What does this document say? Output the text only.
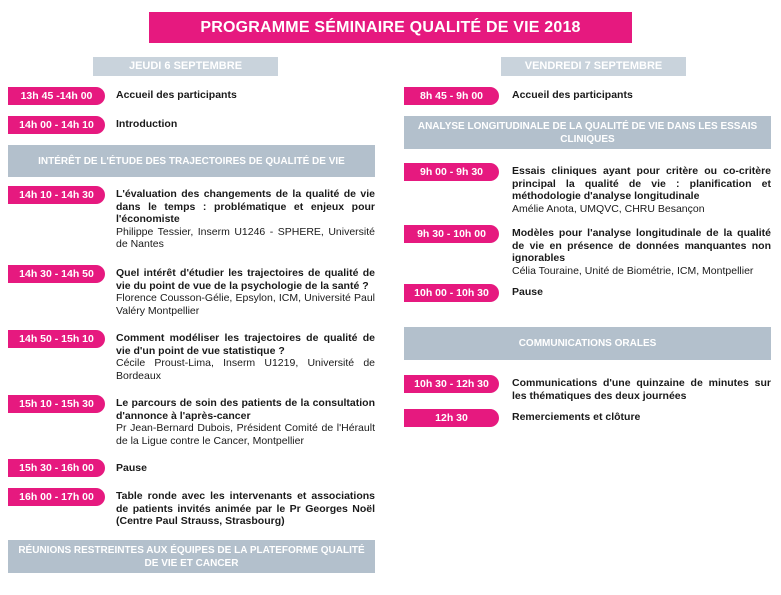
PROGRAMME SÉMINAIRE QUALITÉ DE VIE 2018
JEUDI 6 SEPTEMBRE
13h 45 -14h 00	Accueil des participants
14h 00 - 14h 10	Introduction
INTÉRÊT DE L'ÉTUDE DES TRAJECTOIRES DE QUALITÉ DE VIE
14h 10 - 14h 30	L'évaluation des changements de la qualité de vie dans le temps : problématique et enjeux pour l'économiste
Philippe Tessier, Inserm U1246 - SPHERE, Université de Nantes
14h 30 - 14h 50	Quel intérêt d'étudier les trajectoires de qualité de vie du point de vue de la psychologie de la santé ?
Florence Cousson-Gélie, Epsylon, ICM, Université Paul Valéry Montpellier
14h 50 - 15h 10	Comment modéliser les trajectoires de qualité de vie d'un point de vue statistique ?
Cécile Proust-Lima, Inserm U1219, Université de Bordeaux
15h 10 - 15h 30	Le parcours de soin des patients de la consultation d'annonce à l'après-cancer
Pr Jean-Bernard Dubois, Président Comité de l'Hérault de la Ligue contre le Cancer, Montpellier
15h 30 - 16h 00	Pause
16h 00 - 17h 00	Table ronde avec les intervenants et associations de patients invités animée par le Pr Georges Noël (Centre Paul Strauss, Strasbourg)
RÉUNIONS RESTREINTES AUX ÉQUIPES DE LA PLATEFORME QUALITÉ DE VIE ET CANCER
VENDREDI 7 SEPTEMBRE
8h 45 - 9h 00	Accueil des participants
ANALYSE LONGITUDINALE DE LA QUALITÉ DE VIE DANS LES ESSAIS CLINIQUES
9h 00 - 9h 30	Essais cliniques ayant pour critère ou co-critère principal la qualité de vie : planification et méthodologie d'analyse longitudinale
Amélie Anota, UMQVC, CHRU Besançon
9h 30 - 10h 00	Modèles pour l'analyse longitudinale de la qualité de vie en présence de données manquantes non ignorables
Célia Touraine, Unité de Biométrie, ICM, Montpellier
10h 00 - 10h 30	Pause
COMMUNICATIONS ORALES
10h 30 - 12h 30	Communications d'une quinzaine de minutes sur les thématiques des deux journées
12h 30	Remerciements et clôture
